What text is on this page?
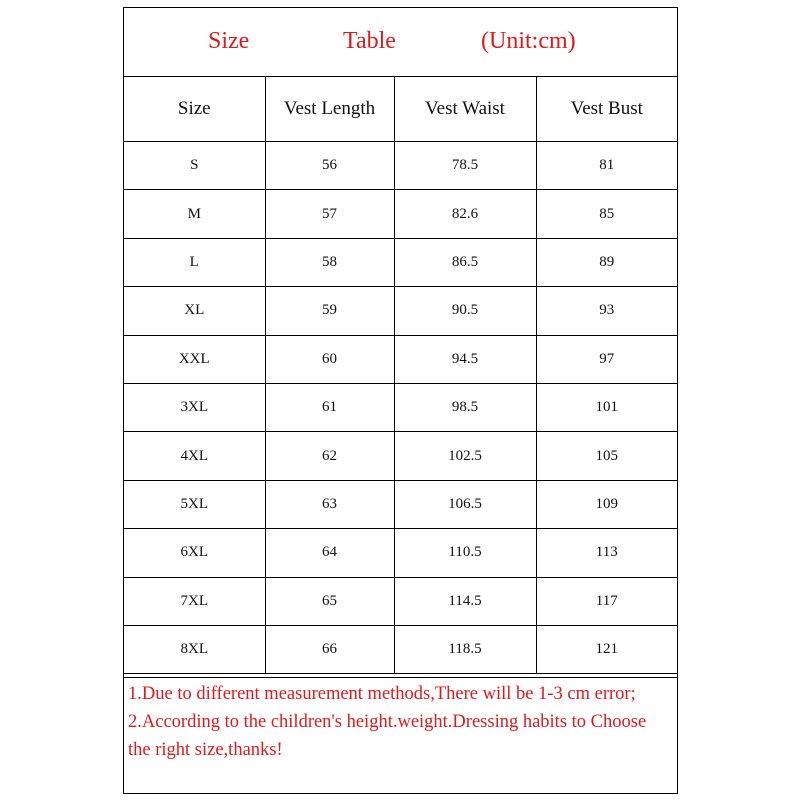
Size	Table	(Unit:cm)
Size	Vest Length	Vest Waist	Vest Bust
S	56	78.5	81
M	57	82.6	85
L	58	86.5	89
XL	59	90.5	93
XXL	60	94.5	97
3XL	61	98.5	101
4XL	62	102.5	105
5XL	63	106.5	109
6XL	64	110.5	113
7XL	65	114.5	117
8XL	66	118.5	121

1.Due to different measurement methods,There will be 1-3 cm error;

2.According to the children's height.weight.Dressing habits to Choose the right size,thanks!
